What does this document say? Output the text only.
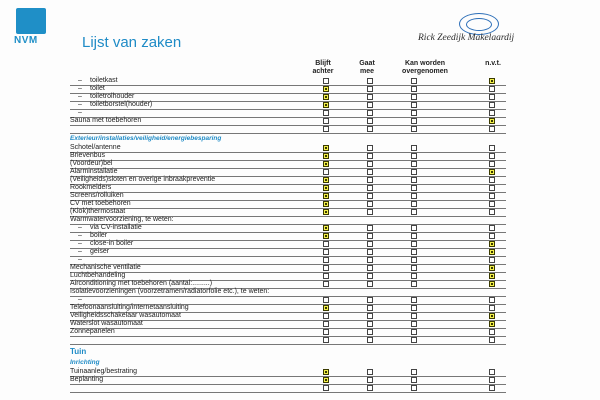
NVM	Rick Zeedijk Makelaardij
Lijst van zaken
Blijft
achter
Gaat
mee
Kan worden
overgenomen
n.v.t.
– toiletkast
– toilet
– toiletrolhouder
– toiletborstel(houder)
Sauna met toebehoren
Exterieur/installaties/veiligheid/energiebesparing
Schotel/antenne
Brievenbus
(Voordeur)bel
Alarminstallatie
(Veiligheids)sloten en overige inbraakpreventie
Rookmelders
Screens/rolluiken
CV met toebehoren
(Klok)thermostaat
Warmwatervoorziening, te weten:
– via CV-installatie
– boiler
– close-in boiler
– geiser
Mechanische ventilatie
Luchtbehandeling
Airconditioning met toebehoren (aantal:.........)
Isolatievoorzieningen (voorzetramen/radiatorfolie etc.), te weten:
Telefoonaansluiting/internetaansluiting
Veiligheidsschakelaar wasautomaat
Waterslot wasautomaat
Zonnepanelen
Tuin
Inrichting
Tuinaanleg/bestrating
Beplanting
